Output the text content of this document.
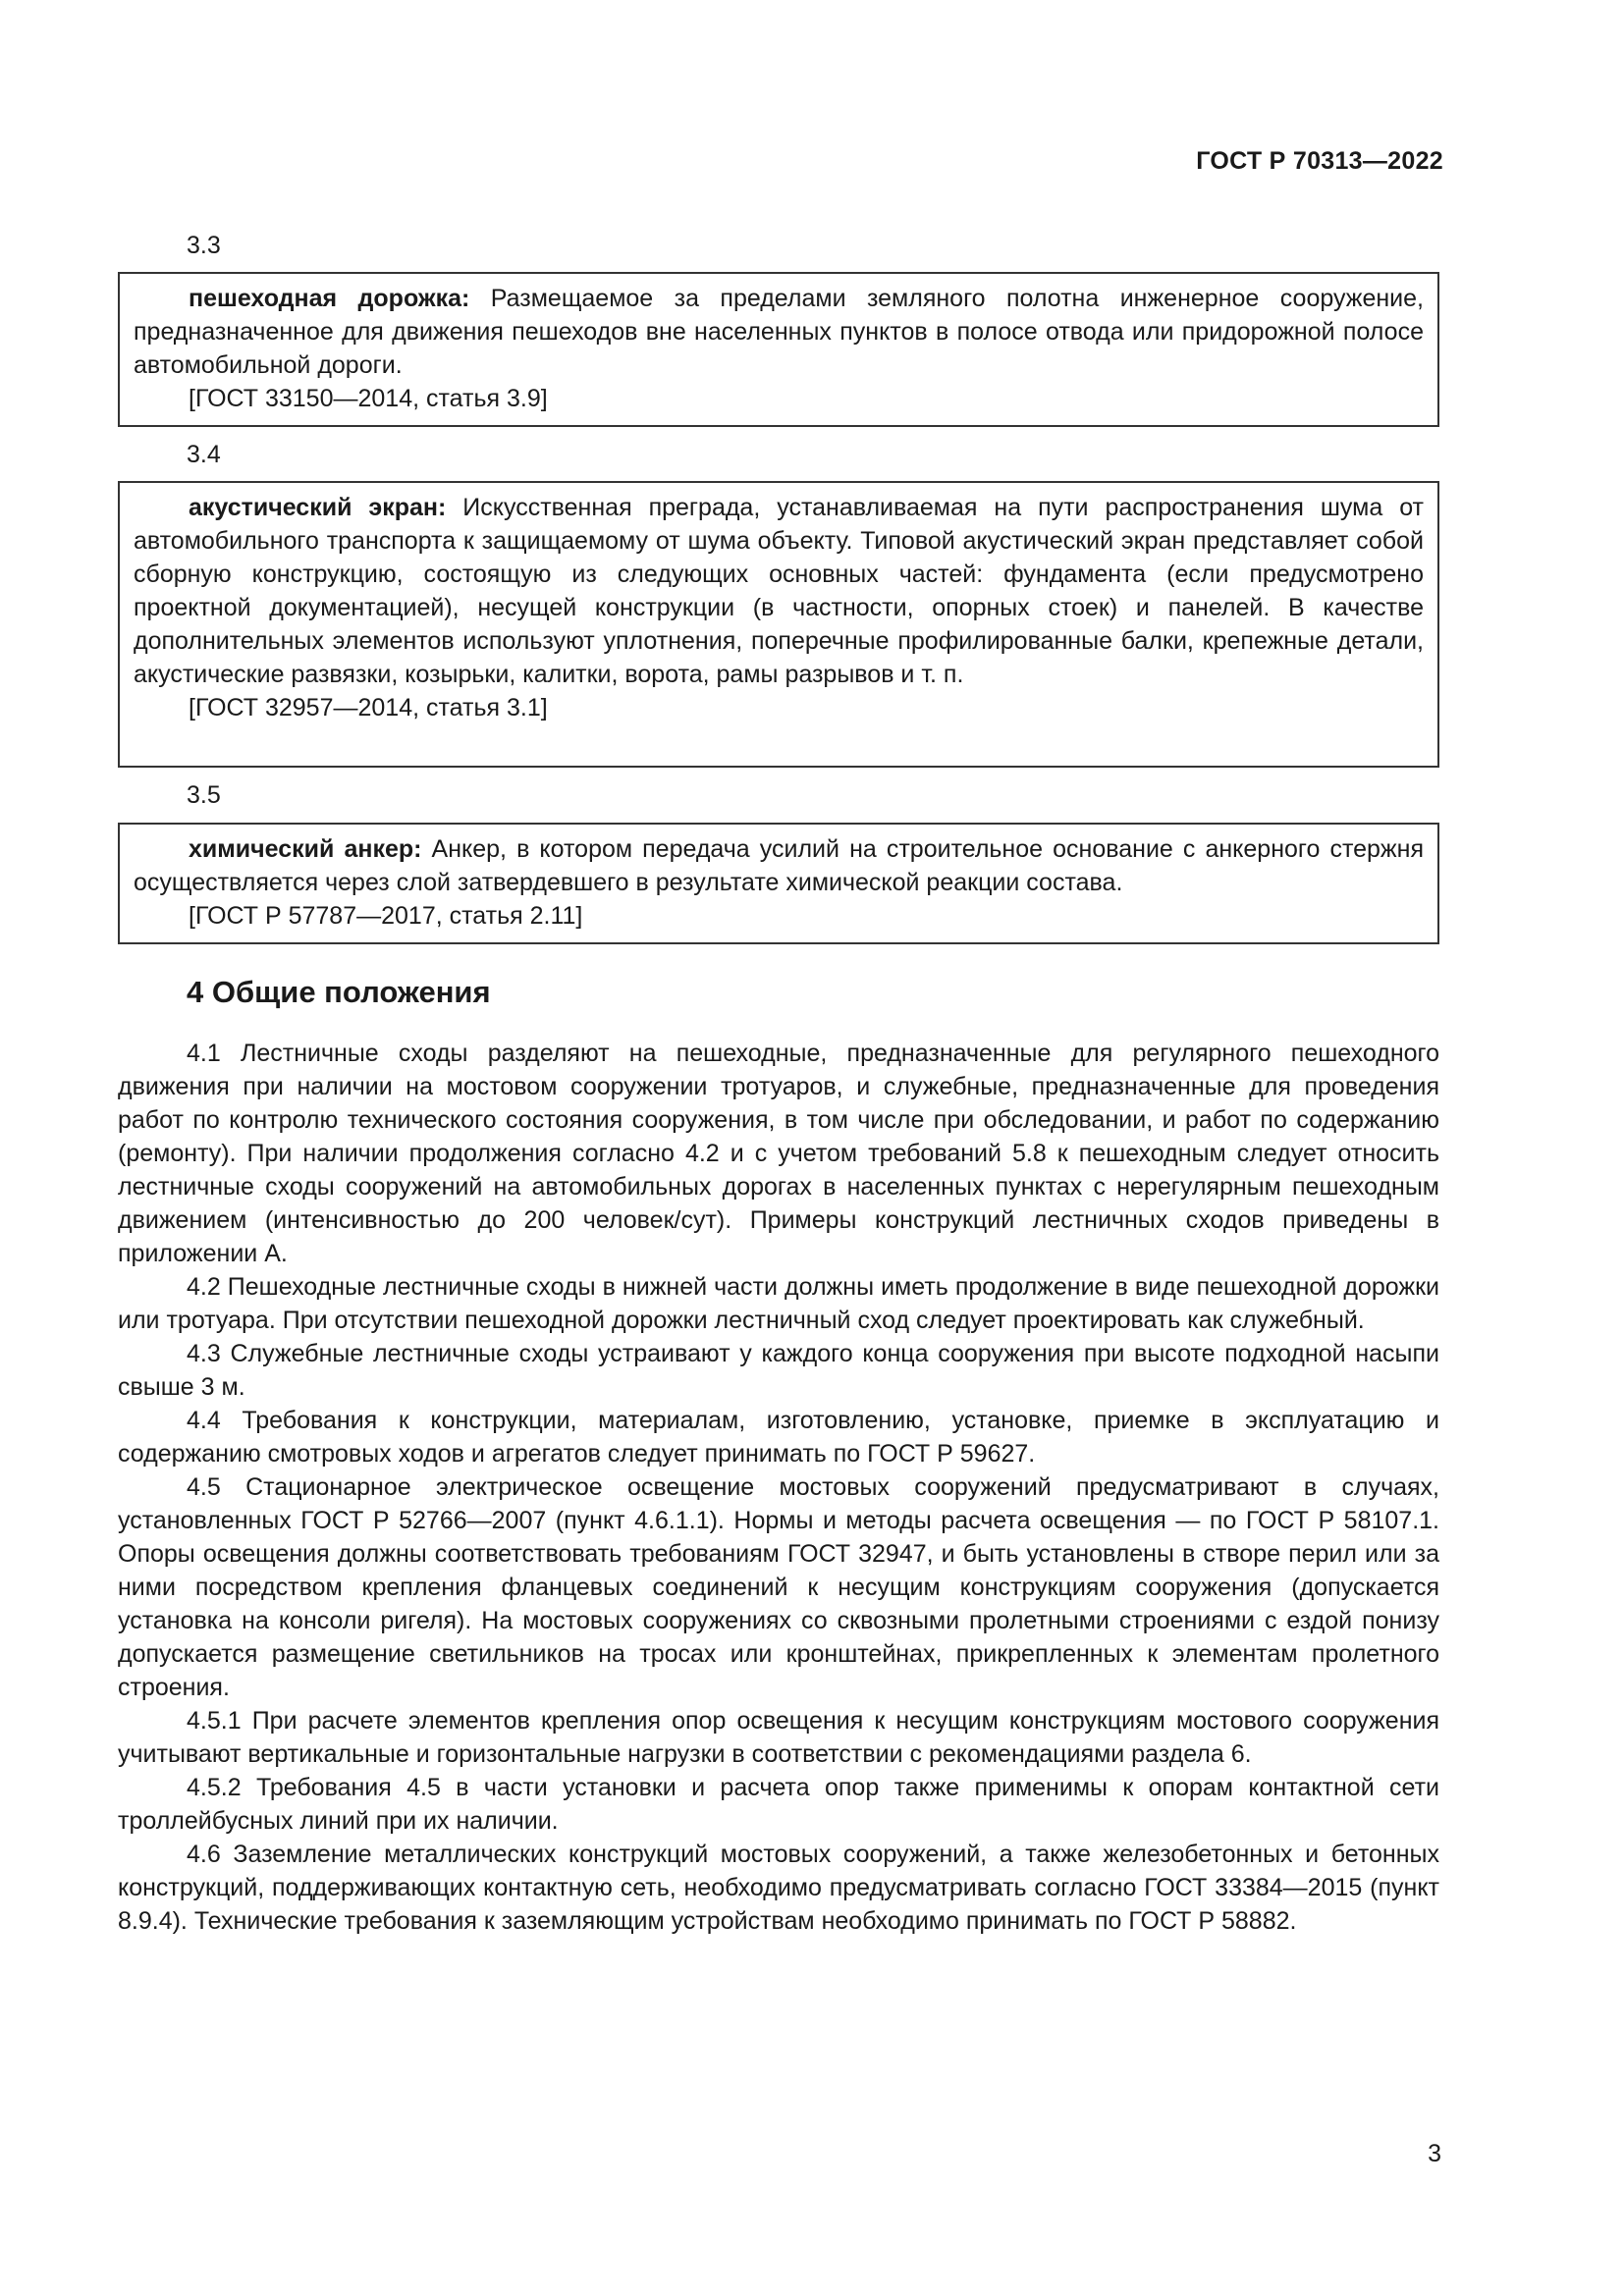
ГОСТ Р 70313—2022
3.3

пешеходная дорожка: Размещаемое за пределами земляного полотна инженерное сооружение, предназначенное для движения пешеходов вне населенных пунктов в полосе отвода или придорожной полосе автомобильной дороги.

[ГОСТ 33150—2014, статья 3.9]

3.4

акустический экран: Искусственная преграда, устанавливаемая на пути распространения шума от автомобильного транспорта к защищаемому от шума объекту. Типовой акустический экран представляет собой сборную конструкцию, состоящую из следующих основных частей: фундамента (если предусмотрено проектной документацией), несущей конструкции (в частности, опорных стоек) и панелей. В качестве дополнительных элементов используют уплотнения, поперечные профилированные балки, крепежные детали, акустические развязки, козырьки, калитки, ворота, рамы разрывов и т. п.

[ГОСТ 32957—2014, статья 3.1]

3.5

химический анкер: Анкер, в котором передача усилий на строительное основание с анкерного стержня осуществляется через слой затвердевшего в результате химической реакции состава.

[ГОСТ Р 57787—2017, статья 2.11]

4 Общие положения

4.1 Лестничные сходы разделяют на пешеходные, предназначенные для регулярного пешеходного движения при наличии на мостовом сооружении тротуаров, и служебные, предназначенные для проведения работ по контролю технического состояния сооружения, в том числе при обследовании, и работ по содержанию (ремонту). При наличии продолжения согласно 4.2 и с учетом требований 5.8 к пешеходным следует относить лестничные сходы сооружений на автомобильных дорогах в населенных пунктах с нерегулярным пешеходным движением (интенсивностью до 200 человек/сут). Примеры конструкций лестничных сходов приведены в приложении А.

4.2 Пешеходные лестничные сходы в нижней части должны иметь продолжение в виде пешеходной дорожки или тротуара. При отсутствии пешеходной дорожки лестничный сход следует проектировать как служебный.

4.3 Служебные лестничные сходы устраивают у каждого конца сооружения при высоте подходной насыпи свыше 3 м.

4.4 Требования к конструкции, материалам, изготовлению, установке, приемке в эксплуатацию и содержанию смотровых ходов и агрегатов следует принимать по ГОСТ Р 59627.

4.5 Стационарное электрическое освещение мостовых сооружений предусматривают в случаях, установленных ГОСТ Р 52766—2007 (пункт 4.6.1.1). Нормы и методы расчета освещения — по ГОСТ Р 58107.1. Опоры освещения должны соответствовать требованиям ГОСТ 32947, и быть установлены в створе перил или за ними посредством крепления фланцевых соединений к несущим конструкциям сооружения (допускается установка на консоли ригеля). На мостовых сооружениях со сквозными пролетными строениями с ездой понизу допускается размещение светильников на тросах или кронштейнах, прикрепленных к элементам пролетного строения.

4.5.1 При расчете элементов крепления опор освещения к несущим конструкциям мостового сооружения учитывают вертикальные и горизонтальные нагрузки в соответствии с рекомендациями раздела 6.

4.5.2 Требования 4.5 в части установки и расчета опор также применимы к опорам контактной сети троллейбусных линий при их наличии.

4.6 Заземление металлических конструкций мостовых сооружений, а также железобетонных и бетонных конструкций, поддерживающих контактную сеть, необходимо предусматривать согласно ГОСТ 33384—2015 (пункт 8.9.4). Технические требования к заземляющим устройствам необходимо принимать по ГОСТ Р 58882.

3
